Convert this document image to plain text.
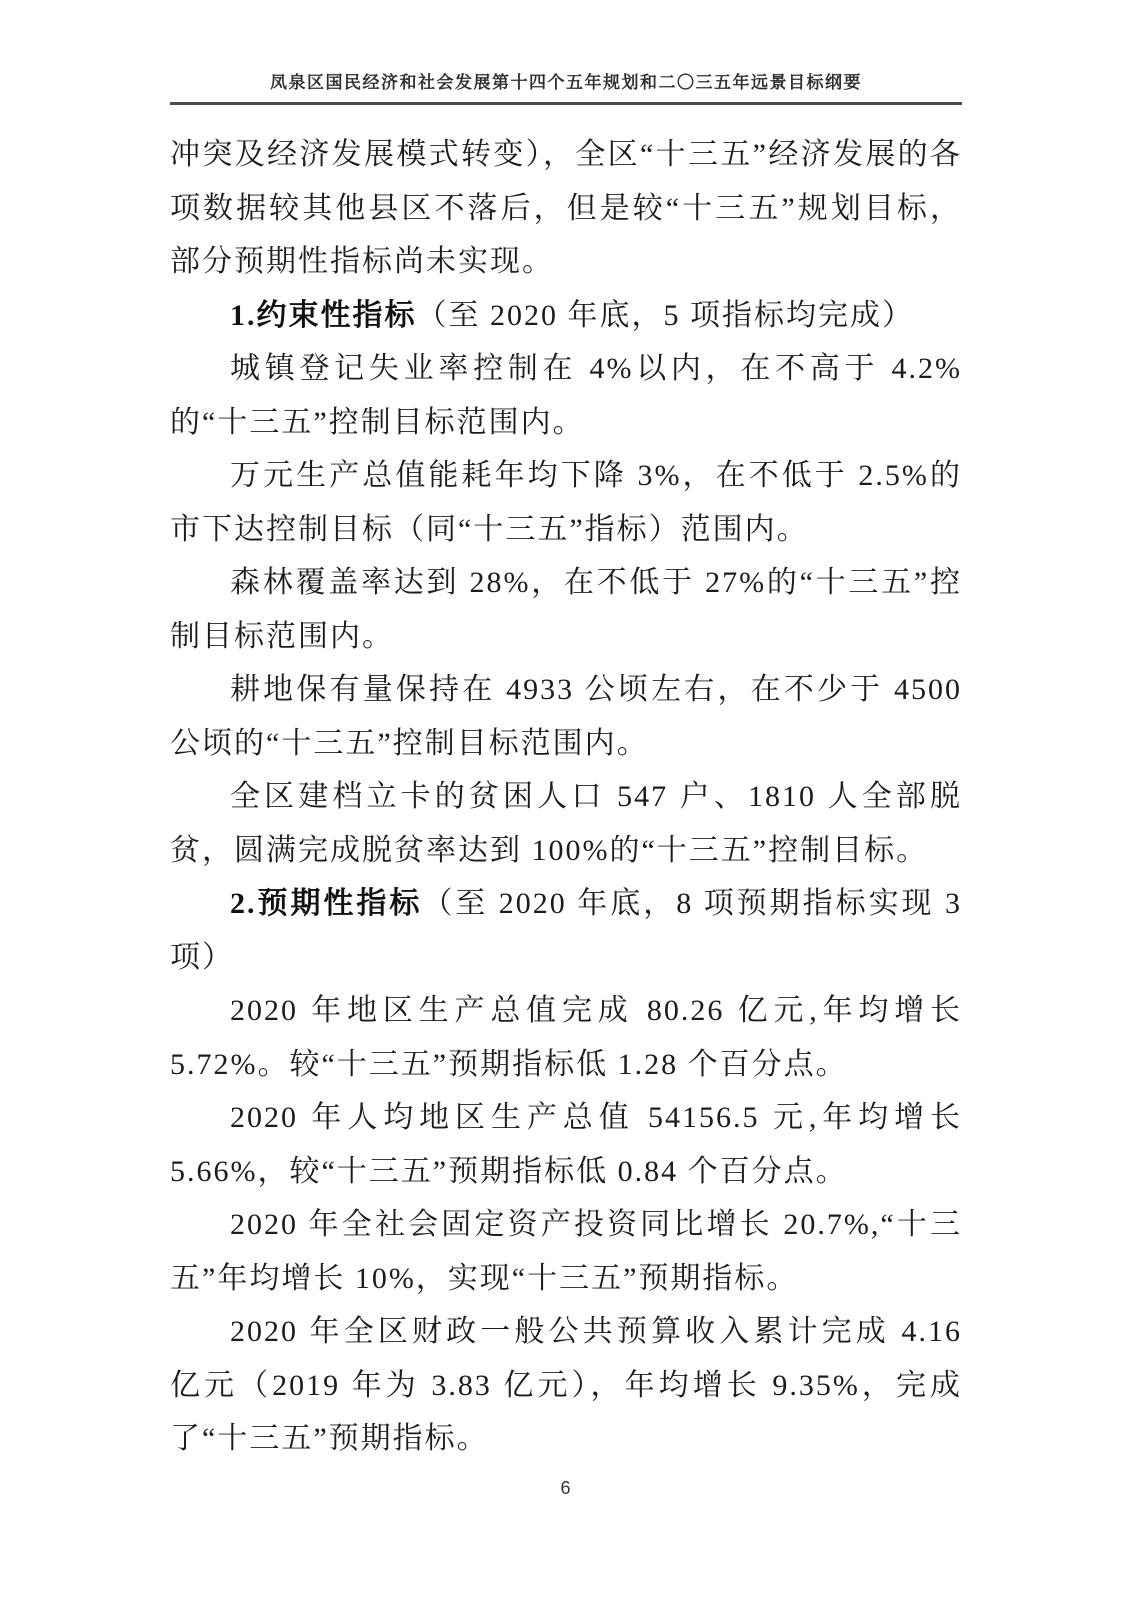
凤泉区国民经济和社会发展第十四个五年规划和二〇三五年远景目标纲要

冲突及经济发展模式转变），全区“十三五”经济发展的各项数据较其他县区不落后，但是较“十三五”规划目标，部分预期性指标尚未实现。

1.约束性指标（至 2020 年底，5 项指标均完成）

城镇登记失业率控制在 4%以内，在不高于 4.2%的“十三五”控制目标范围内。

万元生产总值能耗年均下降 3%，在不低于 2.5%的市下达控制目标（同“十三五”指标）范围内。

森林覆盖率达到 28%，在不低于 27%的“十三五”控制目标范围内。

耕地保有量保持在 4933 公顷左右，在不少于 4500 公顷的“十三五”控制目标范围内。

全区建档立卡的贫困人口 547 户、1810 人全部脱贫，圆满完成脱贫率达到 100%的“十三五”控制目标。

2.预期性指标（至 2020 年底，8 项预期指标实现 3 项）

2020 年地区生产总值完成 80.26 亿元,年均增长 5.72%。较“十三五”预期指标低 1.28 个百分点。

2020 年人均地区生产总值 54156.5 元,年均增长 5.66%，较“十三五”预期指标低 0.84 个百分点。

2020 年全社会固定资产投资同比增长 20.7%,“十三五”年均增长 10%，实现“十三五”预期指标。

2020 年全区财政一般公共预算收入累计完成 4.16 亿元（2019 年为 3.83 亿元），年均增长 9.35%，完成了“十三五”预期指标。

6
